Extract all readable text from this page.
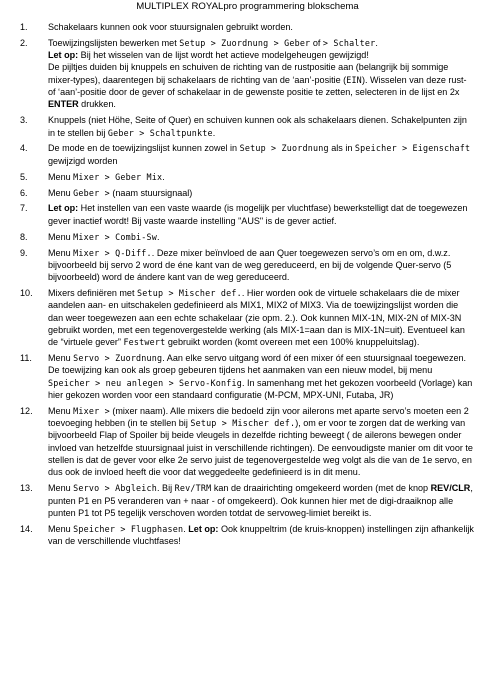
MULTIPLEX ROYALpro programmering blokschema
1.	Schakelaars kunnen ook voor stuursignalen gebruikt worden.
2.	Toewijzingslijsten bewerken met Setup > Zuordnung > Geber of > Schalter.
Let op: Bij het wisselen van de lijst wordt het actieve modelgeheugen gewijzigd!
De pijltjes duiden bij knuppels en schuiven de richting van de rustpositie aan (belangrijk bij sommige mixer-types), daarentegen bij schakelaars de richting van de ‘aan’-positie (EIN). Wisselen van deze rust- of ‘aan’-positie door de gever of schakelaar in de gewenste positie te zetten, selecteren in de lijst en 2x ENTER drukken.
3.	Knuppels (niet Höhe, Seite of Quer) en schuiven kunnen ook als schakelaars dienen. Schakelpunten zijn in te stellen bij Geber > Schaltpunkte.
4.	De mode en de toewijzingslijst kunnen zowel in Setup > Zuordnung als in Speicher > Eigenschaft gewijzigd worden
5.	Menu Mixer > Geber Mix.
6.	Menu Geber > (naam stuursignaal)
7.	Let op: Het instellen van een vaste waarde (is mogelijk per vluchtfase) bewerkstelligt dat de toegewezen gever inactief wordt! Bij vaste waarde instelling "AUS" is de gever actief.
8.	Menu Mixer > Combi-Sw.
9.	Menu Mixer > Q-Diff.. Deze mixer beïnvloed de aan Quer toegewezen servo’s om en om, d.w.z. bijvoorbeeld bij servo 2 word de éne kant van de weg gereduceerd, en bij de volgende Quer-servo (5 bijvoorbeeld) word de ándere kant van de weg gereduceerd.
10.	Mixers definiëren met Setup > Mischer def.. Hier worden ook de virtuele schakelaars die de mixer aandelen aan- en uitschakelen gedefinieerd als MIX1, MIX2 of MIX3. Via de toewijzingslijst worden die dan weer toegewezen aan een echte schakelaar (zie opm. 2.). Ook kunnen MIX-1N, MIX-2N of MIX-3N gebruikt worden, met een tegenovergestelde werking (als MIX-1=aan dan is MIX-1N=uit). Eventueel kan de “virtuele gever” Festwert gebruikt worden (komt overeen met een 100% knuppeluitslag).
11.	Menu Servo > Zuordnung. Aan elke servo uitgang word óf een mixer óf een stuursignaal toegewezen. De toewijzing kan ook als groep gebeuren tijdens het aanmaken van een nieuw model, bij menu Speicher > neu anlegen > Servo-Konfig. In samenhang met het gekozen voorbeeld (Vorlage) kan hier gekozen worden voor een standaard configuratie (M-PCM, MPX-UNI, Futaba, JR)
12.	Menu Mixer > (mixer naam). Alle mixers die bedoeld zijn voor ailerons met aparte servo’s moeten een 2 toevoeging hebben (in te stellen bij Setup > Mischer def.), om er voor te zorgen dat de werking van bijvoorbeeld Flap of Spoiler bij beide vleugels in dezelfde richting beweegt ( de ailerons bewegen onder invloed van hetzelfde stuursignaal juist in verschillende richtingen). De eenvoudigste manier om dit voor te stellen is dat de gever voor elke 2e servo juist de tegenovergestelde weg volgt als die van de 1e servo, en dus ook de invloed heeft die voor dat weggedeelte gedefinieerd is in dit menu.
13.	Menu Servo > Abgleich. Bij Rev/TRM kan de draairichting omgekeerd worden (met de knop REV/CLR, punten P1 en P5 veranderen van + naar - of omgekeerd). Ook kunnen hier met de digi-draaiknop alle punten P1 tot P5 tegelijk verschoven worden totdat de servoweg-limiet bereikt is.
14.	Menu Speicher > Flugphasen. Let op: Ook knuppeltrim (de kruis-knoppen) instellingen zijn afhankelijk van de verschillende vluchtfases!
